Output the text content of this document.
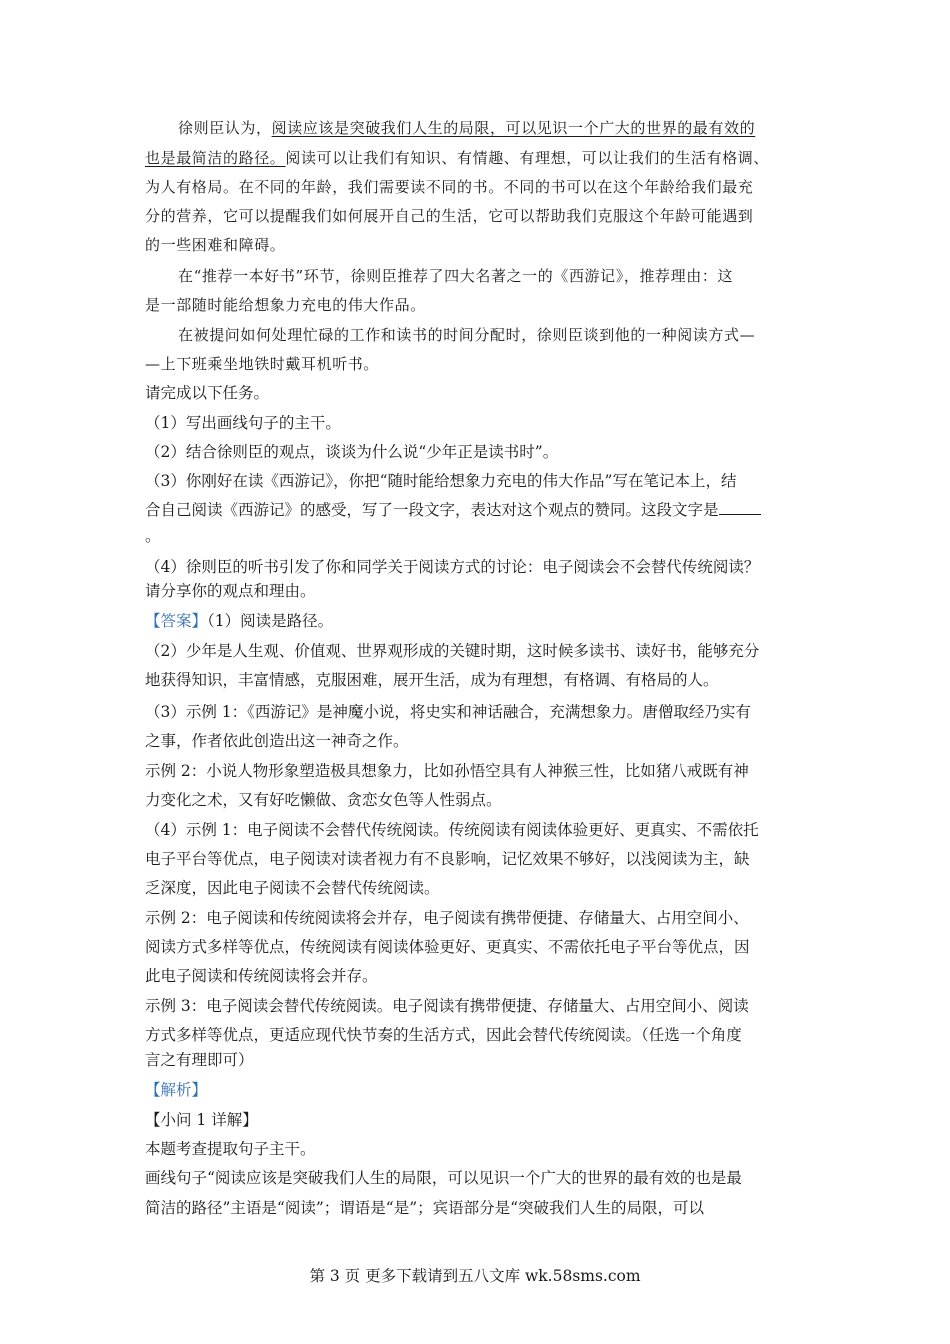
徐则臣认为，阅读应该是突破我们人生的局限，可以见识一个广大的世界的最有效的
也是最简洁的路径。阅读可以让我们有知识、有情趣、有理想，可以让我们的生活有格调、
为人有格局。在不同的年龄，我们需要读不同的书。不同的书可以在这个年龄给我们最充
分的营养，它可以提醒我们如何展开自己的生活，它可以帮助我们克服这个年龄可能遇到
的一些困难和障碍。
在“推荐一本好书”环节，徐则臣推荐了四大名著之一的《西游记》，推荐理由：这
是一部随时能给想象力充电的伟大作品。
在被提问如何处理忙碌的工作和读书的时间分配时，徐则臣谈到他的一种阅读方式—
—上下班乘坐地铁时戴耳机听书。
请完成以下任务。
（1）写出画线句子的主干。
（2）结合徐则臣的观点，谈谈为什么说“少年正是读书时”。
（3）你刚好在读《西游记》，你把“随时能给想象力充电的伟大作品”写在笔记本上，结
合自己阅读《西游记》的感受，写了一段文字，表达对这个观点的赞同。这段文字是
。
（4）徐则臣的听书引发了你和同学关于阅读方式的讨论：电子阅读会不会替代传统阅读？
请分享你的观点和理由。
【答案】（1）阅读是路径。
（2）少年是人生观、价值观、世界观形成的关键时期，这时候多读书、读好书，能够充分
地获得知识，丰富情感，克服困难，展开生活，成为有理想，有格调、有格局的人。
（3）示例 1：《西游记》是神魔小说，将史实和神话融合，充满想象力。唐僧取经乃实有
之事，作者依此创造出这一神奇之作。
示例 2：小说人物形象塑造极具想象力，比如孙悟空具有人神猴三性，比如猪八戒既有神
力变化之术，又有好吃懒做、贪恋女色等人性弱点。
（4）示例 1：电子阅读不会替代传统阅读。传统阅读有阅读体验更好、更真实、不需依托
电子平台等优点，电子阅读对读者视力有不良影响，记忆效果不够好，以浅阅读为主，缺
乏深度，因此电子阅读不会替代传统阅读。
示例 2：电子阅读和传统阅读将会并存，电子阅读有携带便捷、存储量大、占用空间小、
阅读方式多样等优点，传统阅读有阅读体验更好、更真实、不需依托电子平台等优点，因
此电子阅读和传统阅读将会并存。
示例 3：电子阅读会替代传统阅读。电子阅读有携带便捷、存储量大、占用空间小、阅读
方式多样等优点，更适应现代快节奏的生活方式，因此会替代传统阅读。（任选一个角度
言之有理即可）
【解析】
【小问 1 详解】
本题考查提取句子主干。
画线句子“阅读应该是突破我们人生的局限，可以见识一个广大的世界的最有效的也是最
简洁的路径”主语是“阅读”；谓语是“是”；宾语部分是“突破我们人生的局限，可以
第 3 页 更多下载请到五八文库 wk.58sms.com
